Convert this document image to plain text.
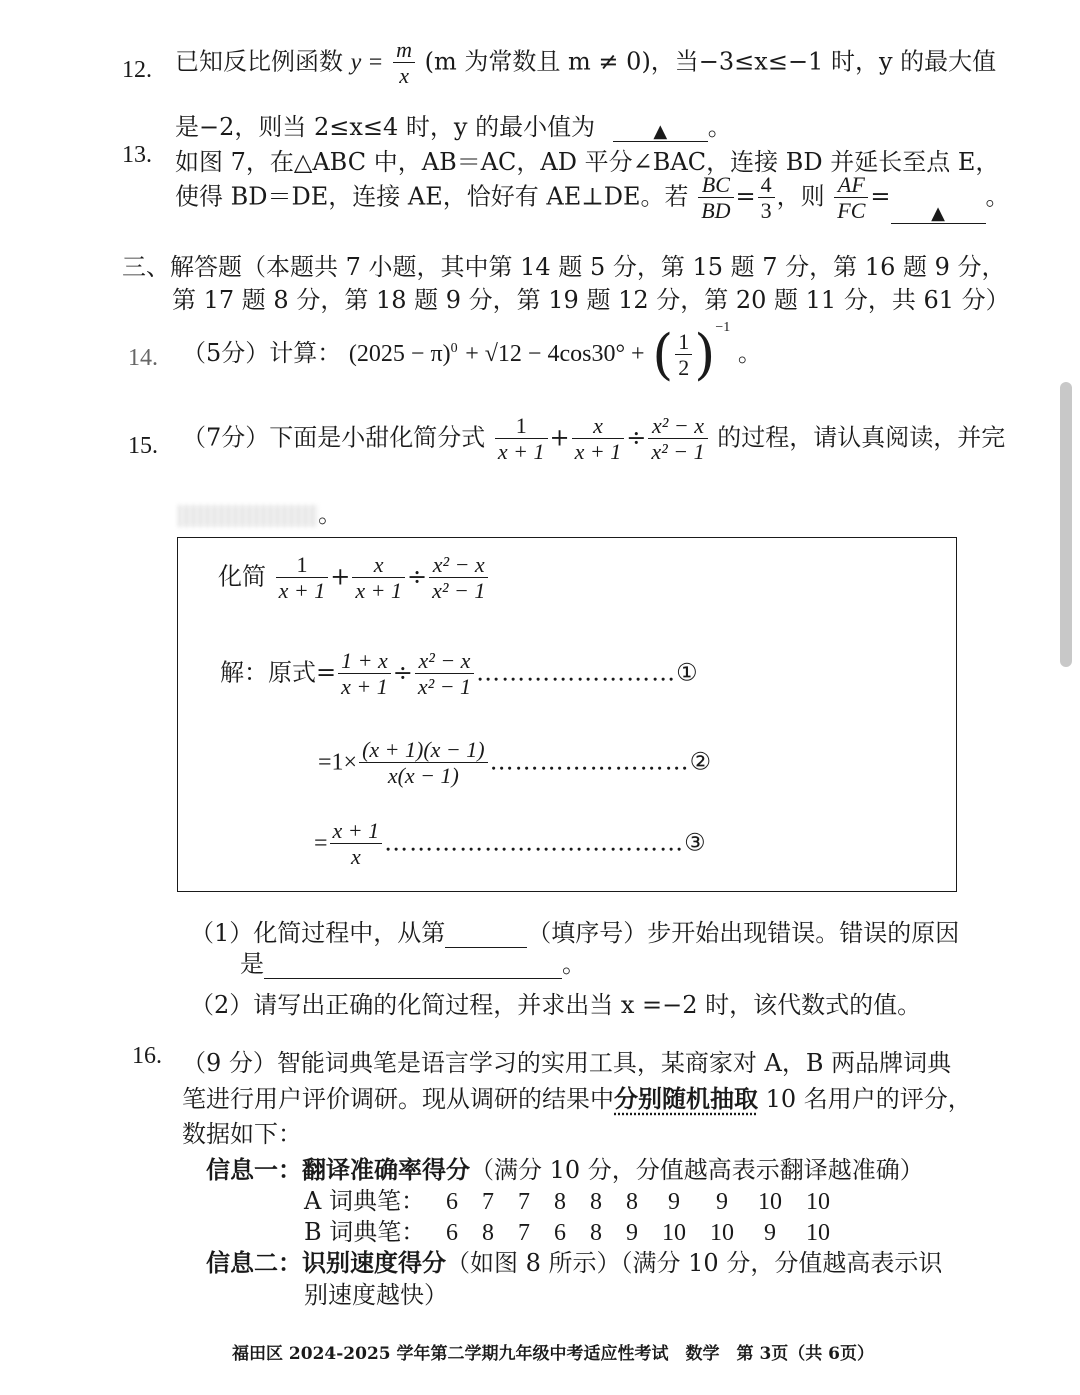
12. 已知反比例函数 $y = \frac{m}{x} (m$ 为常数且 m ≠ 0)，当−3≤x≤−1 时，y 的最大值
是−2，则当 2≤x≤4 时，y 的最小值为	▲ 。
13. 如图 7，在△ABC 中，AB＝AC，AD 平分∠BAC，连接 BD 并延长至点 E，
使得 BD＝DE，连接 AE，恰好有 AE⊥DE。若 $\frac{BC}{BD} = \frac{4}{3}$ ，则 $\frac{AF}{FC}$ =▲。
三、解答题（本题共 7 小题，其中第 14 题 5 分，第 15 题 7 分，第 16 题 9 分，
第 17 题 8 分，第 18 题 9 分，第 19 题 12 分，第 20 题 11 分，共 61 分）
14. （5分）计算： $(2025 - \pi)^0 + √12 - 4\cos 30^\circ$ + ( $\frac{1}{2} )^{-1}$ 。
15. （7分）下面是小甜化简分式 $\frac{1}{x + 1} + \frac{x}{x + 1} \div \frac{\text{x² − x}}{\text{x² − 1}}$ 的过程，请认真阅读，并完
。
化简 $\frac{1}{x + 1} + \frac{x}{x + 1} \div \frac{\text{x² − x}}{\text{x² − 1}}$
解：原式= $\frac{1 + x}{x + 1} \div \frac{\text{x² − x}}{\text{x² − 1}}$ ……………………①
$=1\times \frac{(x + 1)(x - 1)}{x(x - 1)}$ ……………………②
= $\frac{x + 1}{x}$ ………………………………③
（1）化简过程中，从第	（填序号）步开始出现错误。错误的原因
是	。
（2）请写出正确的化简过程，并求出当 x =−2 时，该代数式的值。
16. （9 分）智能词典笔是语言学习的实用工具，某商家对 A，B 两品牌词典
笔进行用户评价调研。现从调研的结果中分别随机抽取 10 名用户的评分，
数据如下：
信息一：翻译准确率得分（满分 10 分，分值越高表示翻译越准确）
A 词典笔： 6 7 7 8 8 8 9 9 10 10
B 词典笔： 6 8 7 6 8 9 10 10 9 10
信息二：识别速度得分（如图 8 所示）（满分 10 分，分值越高表示识
别速度越快）
福田区 2024-2025 学年第二学期九年级中考适应性考试　数学　第 3页（共 6页）
